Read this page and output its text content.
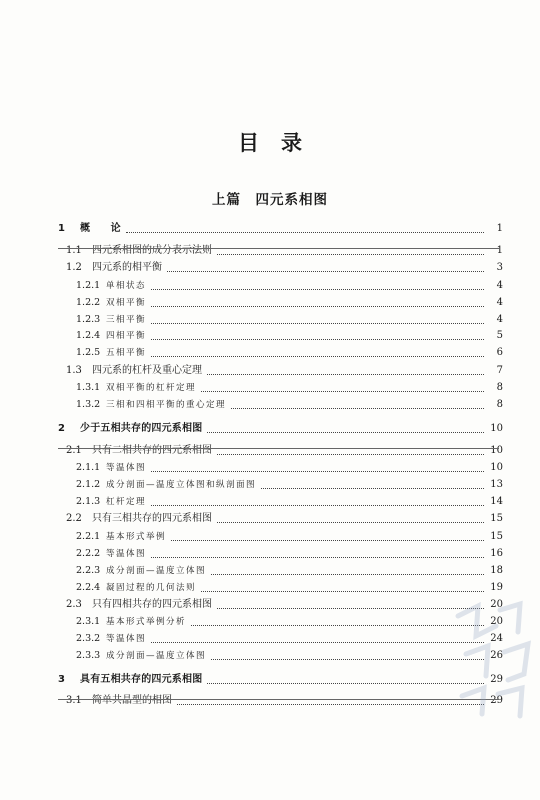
目录
上篇　四元系相图
1	概　　论	1
1.1	四元系相图的成分表示法则	1
1.2	四元系的相平衡	3
1.2.1 单相状态	4
1.2.2 双相平衡	4
1.2.3 三相平衡	4
1.2.4 四相平衡	5
1.2.5 五相平衡	6
1.3	四元系的杠杆及重心定理	7
1.3.1 双相平衡的杠杆定理	8
1.3.2 三相和四相平衡的重心定理	8
2	少于五相共存的四元系相图	10
2.1	只有二相共存的四元系相图	10
2.1.1 等温体图	10
2.1.2 成分剖面—温度立体图和纵剖面图	13
2.1.3 杠杆定理	14
2.2	只有三相共存的四元系相图	15
2.2.1 基本形式举例	15
2.2.2 等温体图	16
2.2.3 成分剖面—温度立体图	18
2.2.4 凝固过程的几何法则	19
2.3	只有四相共存的四元系相图	20
2.3.1 基本形式举例分析	20
2.3.2 等温体图	24
2.3.3 成分剖面—温度立体图	26
3	具有五相共存的四元系相图	29
3.1	简单共晶型的相图	29
